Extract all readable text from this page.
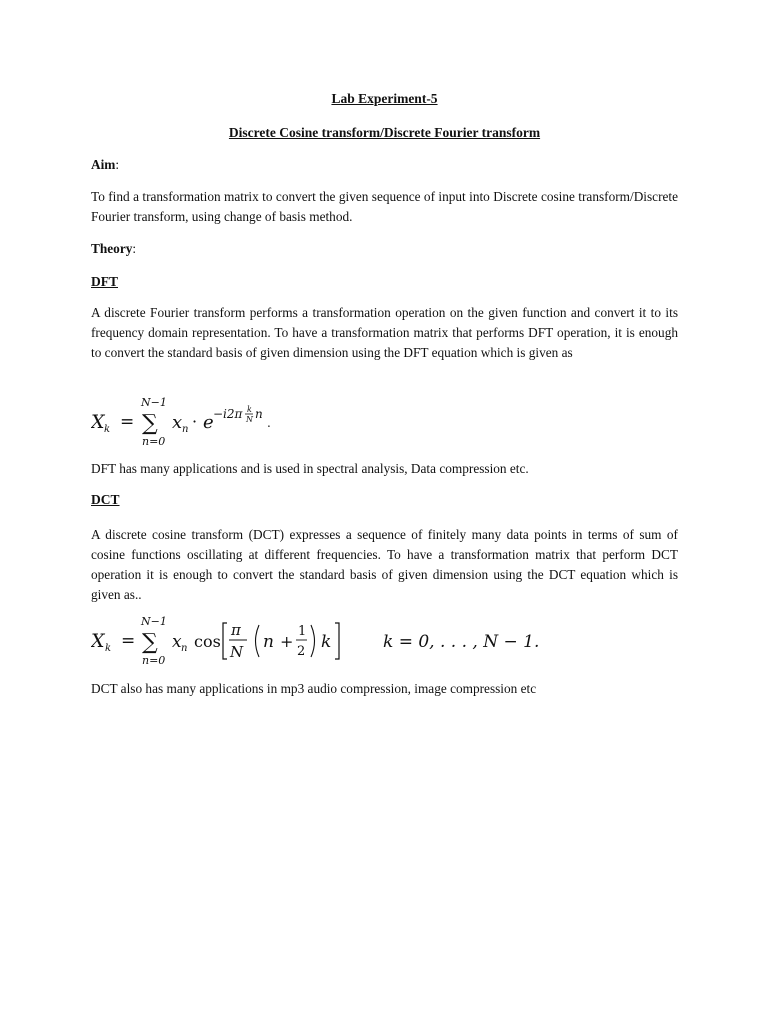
Lab Experiment-5
Discrete Cosine transform/Discrete Fourier transform
Aim:
To find a transformation matrix to convert the given sequence of input into Discrete cosine transform/Discrete Fourier transform, using change of basis method.
Theory:
DFT
A discrete Fourier transform performs a transformation operation on the given function and convert it to its frequency domain representation. To have a transformation matrix that performs DFT operation, it is enough to convert the standard basis of given dimension using the DFT equation which is given as
X k =
N−1
∑
n=0
x n · e −i2π k
N n
.
DFT has many applications and is used in spectral analysis, Data compression etc.
DCT
A discrete cosine transform (DCT) expresses a sequence of finitely many data points in terms of sum of cosine functions oscillating at different frequencies. To have a transformation matrix that perform DCT operation it is enough to convert the standard basis of given dimension using the DCT equation which is given as..
X k =
N−1
∑
n=0
x n cos
π
N n +
1
2 k	k = 0, . . . , N − 1.
DCT also has many applications in mp3 audio compression, image compression etc
